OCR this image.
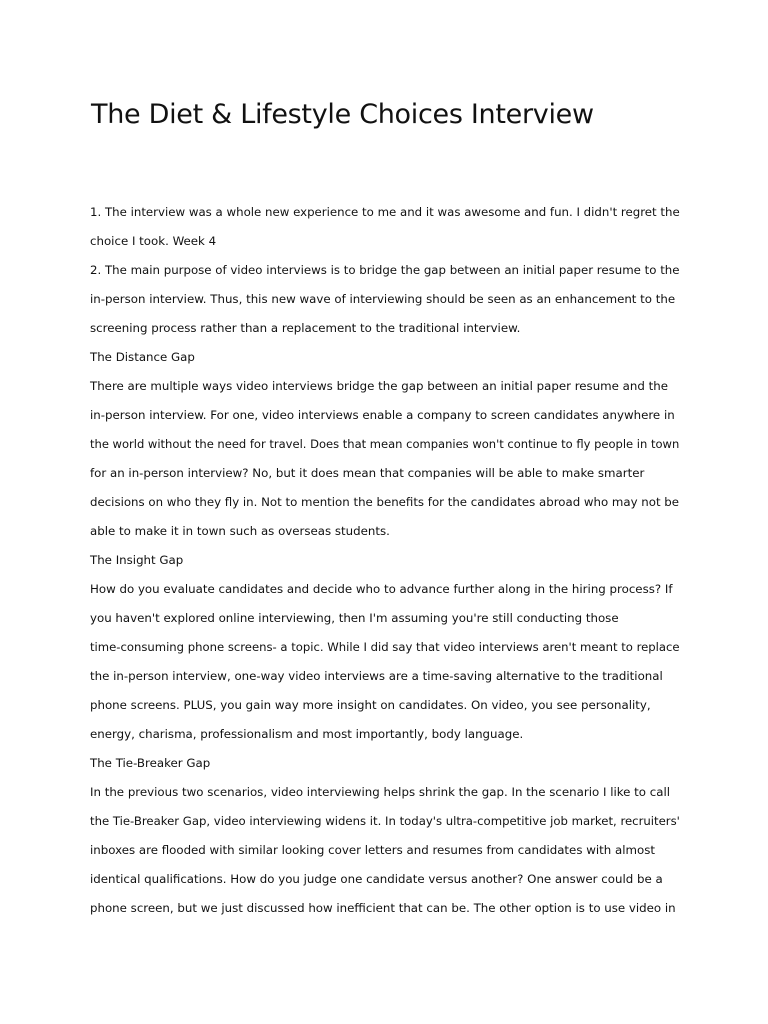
The Diet & Lifestyle Choices Interview
1. The interview was a whole new experience to me and it was awesome and fun. I didn't regret the
choice I took. Week 4
2. The main purpose of video interviews is to bridge the gap between an initial paper resume to the
in-person interview. Thus, this new wave of interviewing should be seen as an enhancement to the
screening process rather than a replacement to the traditional interview.
The Distance Gap
There are multiple ways video interviews bridge the gap between an initial paper resume and the
in-person interview. For one, video interviews enable a company to screen candidates anywhere in
the world without the need for travel. Does that mean companies won't continue to fly people in town
for an in-person interview? No, but it does mean that companies will be able to make smarter
decisions on who they fly in. Not to mention the benefits for the candidates abroad who may not be
able to make it in town such as overseas students.
The Insight Gap
How do you evaluate candidates and decide who to advance further along in the hiring process? If
you haven't explored online interviewing, then I'm assuming you're still conducting those
time-consuming phone screens- a topic. While I did say that video interviews aren't meant to replace
the in-person interview, one-way video interviews are a time-saving alternative to the traditional
phone screens. PLUS, you gain way more insight on candidates. On video, you see personality,
energy, charisma, professionalism and most importantly, body language.
The Tie-Breaker Gap
In the previous two scenarios, video interviewing helps shrink the gap. In the scenario I like to call
the Tie-Breaker Gap, video interviewing widens it. In today's ultra-competitive job market, recruiters'
inboxes are flooded with similar looking cover letters and resumes from candidates with almost
identical qualifications. How do you judge one candidate versus another? One answer could be a
phone screen, but we just discussed how inefficient that can be. The other option is to use video in
